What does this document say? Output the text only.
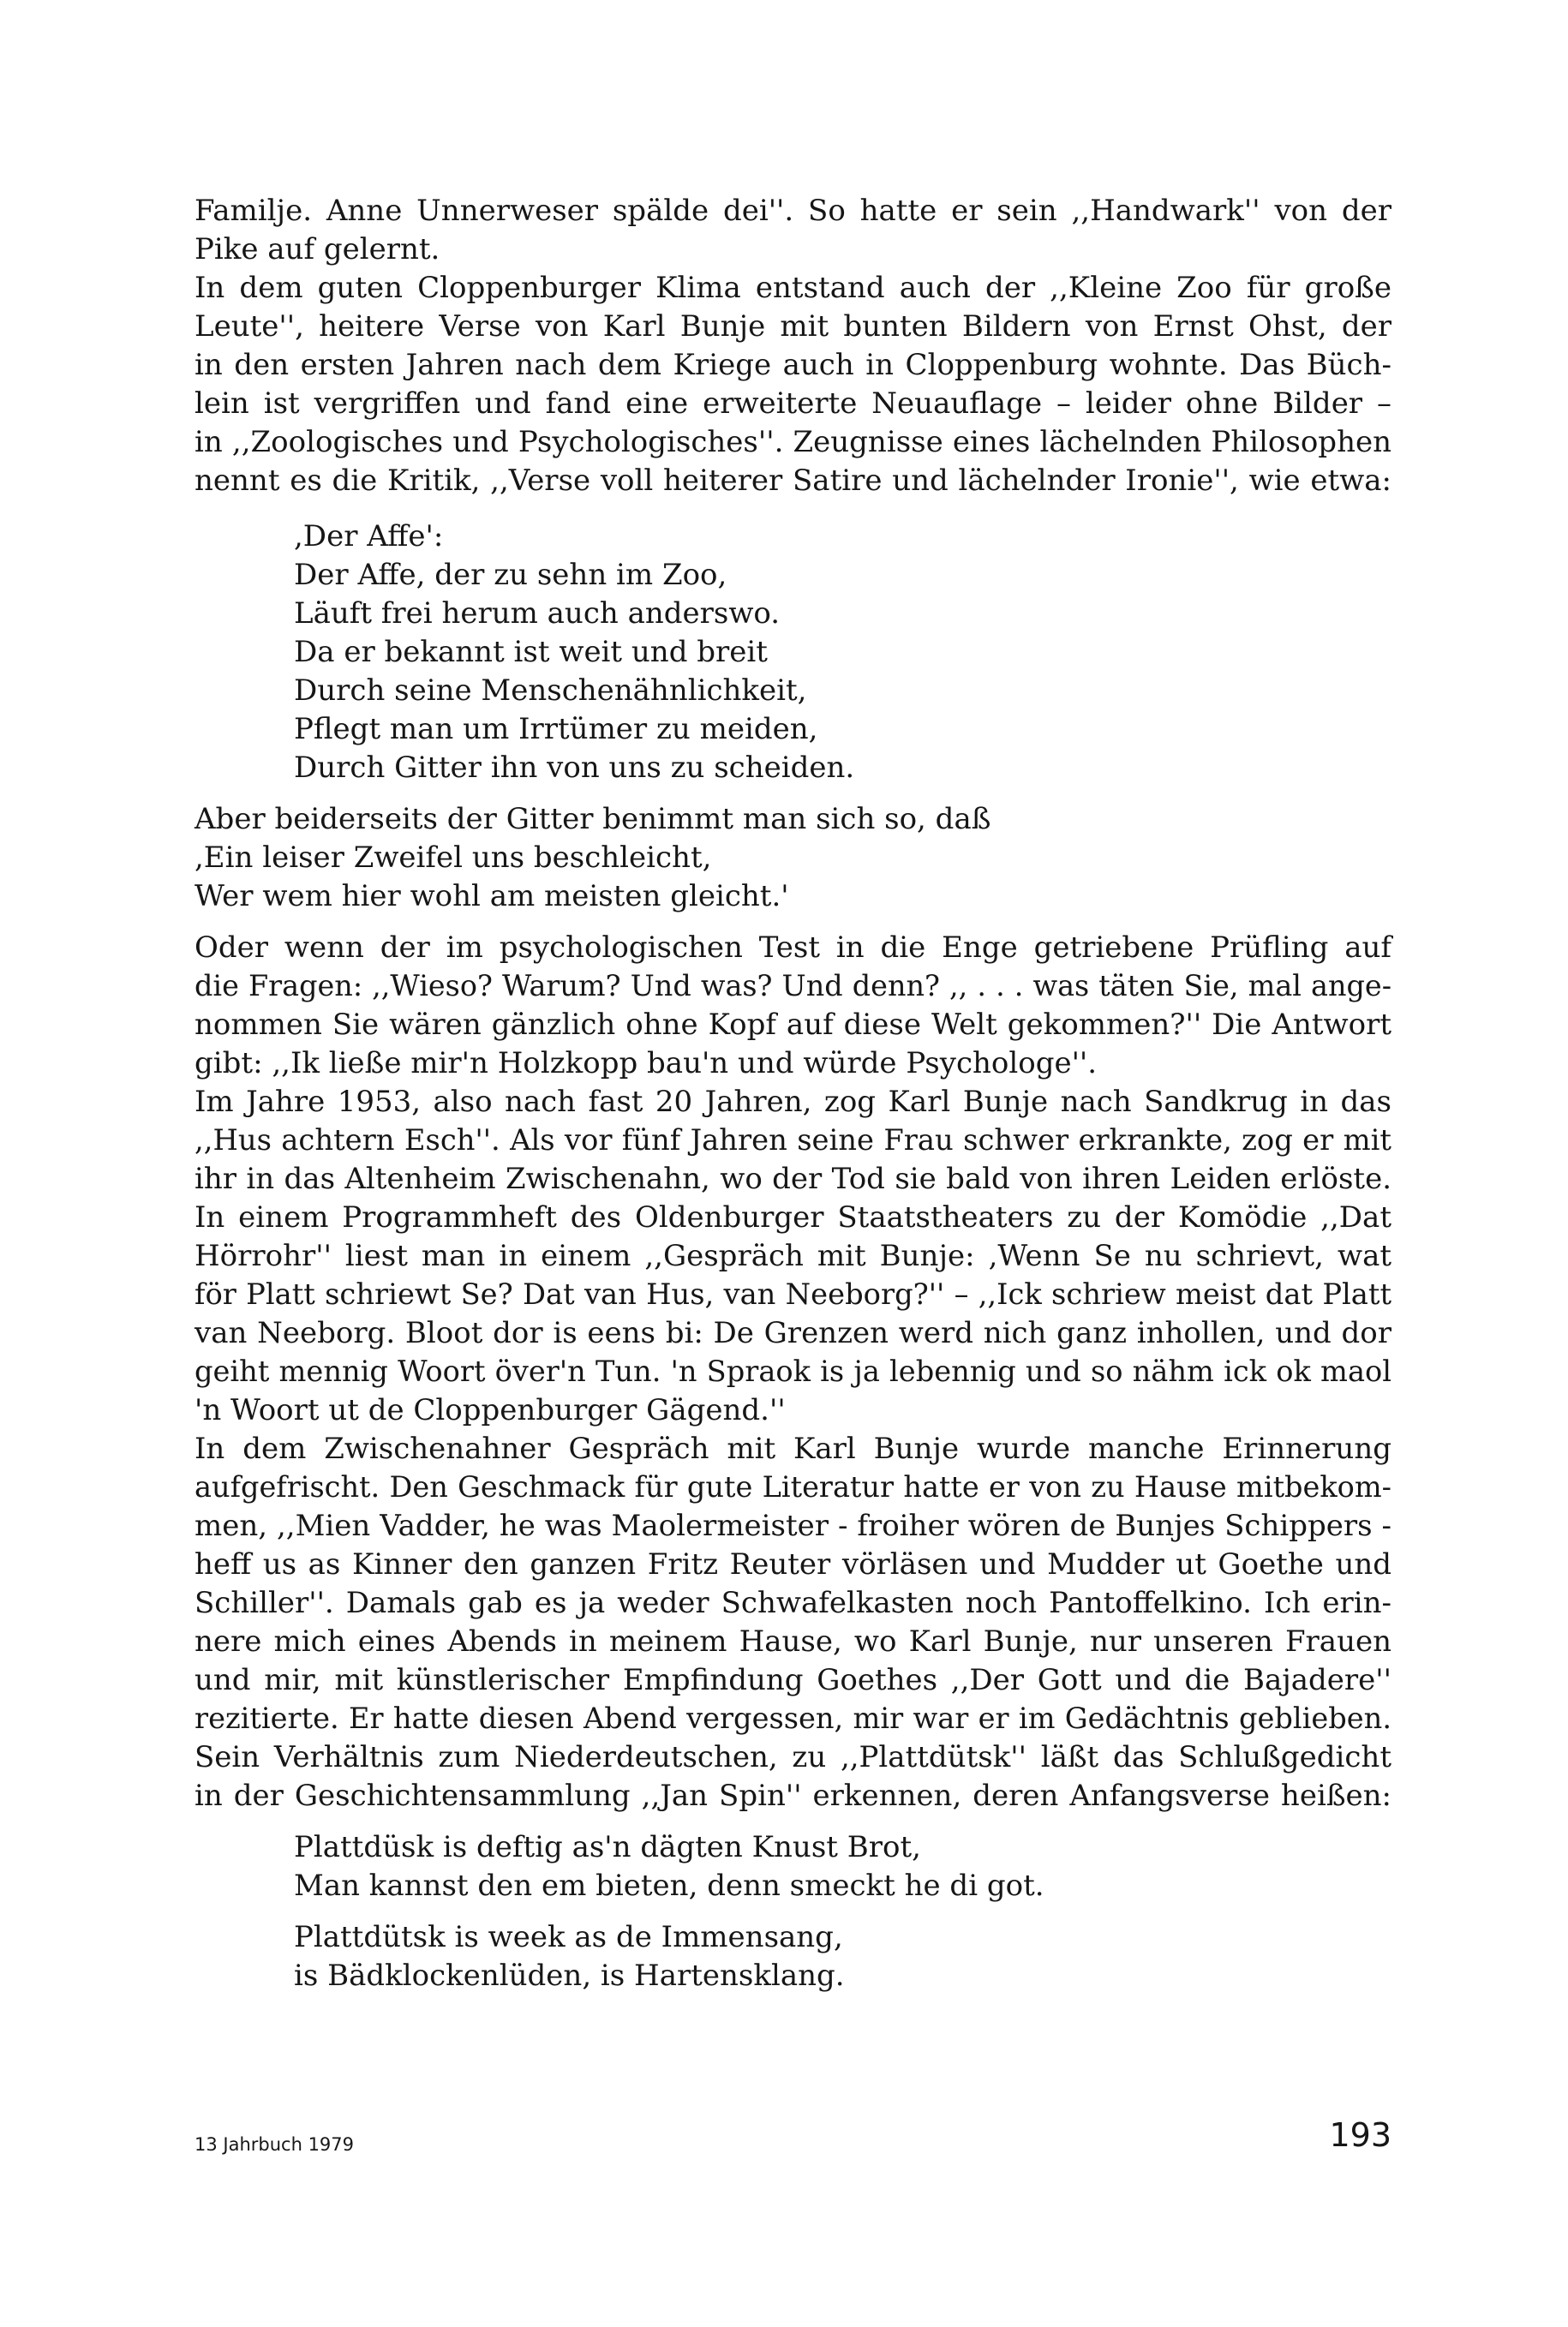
Familje. Anne Unnerweser spälde dei''. So hatte er sein ,,Handwark'' von der
Pike auf gelernt.
In dem guten Cloppenburger Klima entstand auch der ,,Kleine Zoo für große
Leute'', heitere Verse von Karl Bunje mit bunten Bildern von Ernst Ohst, der
in den ersten Jahren nach dem Kriege auch in Cloppenburg wohnte. Das Büch-
lein ist vergriffen und fand eine erweiterte Neuauflage – leider ohne Bilder –
in ,,Zoologisches und Psychologisches''. Zeugnisse eines lächelnden Philosophen
nennt es die Kritik, ,,Verse voll heiterer Satire und lächelnder Ironie'', wie etwa:
,Der Affe':
Der Affe, der zu sehn im Zoo,
Läuft frei herum auch anderswo.
Da er bekannt ist weit und breit
Durch seine Menschenähnlichkeit,
Pflegt man um Irrtümer zu meiden,
Durch Gitter ihn von uns zu scheiden.
Aber beiderseits der Gitter benimmt man sich so, daß
,Ein leiser Zweifel uns beschleicht,
Wer wem hier wohl am meisten gleicht.'
Oder wenn der im psychologischen Test in die Enge getriebene Prüfling auf
die Fragen: ,,Wieso? Warum? Und was? Und denn? ,, . . . was täten Sie, mal ange-
nommen Sie wären gänzlich ohne Kopf auf diese Welt gekommen?'' Die Antwort
gibt: ,,Ik ließe mir'n Holzkopp bau'n und würde Psychologe''.
Im Jahre 1953, also nach fast 20 Jahren, zog Karl Bunje nach Sandkrug in das
,,Hus achtern Esch''. Als vor fünf Jahren seine Frau schwer erkrankte, zog er mit
ihr in das Altenheim Zwischenahn, wo der Tod sie bald von ihren Leiden erlöste.
In einem Programmheft des Oldenburger Staatstheaters zu der Komödie ,,Dat
Hörrohr'' liest man in einem ,,Gespräch mit Bunje: ,Wenn Se nu schrievt, wat
för Platt schriewt Se? Dat van Hus, van Neeborg?'' – ,,Ick schriew meist dat Platt
van Neeborg. Bloot dor is eens bi: De Grenzen werd nich ganz inhollen, und dor
geiht mennig Woort över'n Tun. 'n Spraok is ja lebennig und so nähm ick ok maol
'n Woort ut de Cloppenburger Gägend.''
In dem Zwischenahner Gespräch mit Karl Bunje wurde manche Erinnerung
aufgefrischt. Den Geschmack für gute Literatur hatte er von zu Hause mitbekom-
men, ,,Mien Vadder, he was Maolermeister - froiher wören de Bunjes Schippers -
heff us as Kinner den ganzen Fritz Reuter vörläsen und Mudder ut Goethe und
Schiller''. Damals gab es ja weder Schwafelkasten noch Pantoffelkino. Ich erin-
nere mich eines Abends in meinem Hause, wo Karl Bunje, nur unseren Frauen
und mir, mit künstlerischer Empfindung Goethes ,,Der Gott und die Bajadere''
rezitierte. Er hatte diesen Abend vergessen, mir war er im Gedächtnis geblieben.
Sein Verhältnis zum Niederdeutschen, zu ,,Plattdütsk'' läßt das Schlußgedicht
in der Geschichtensammlung ,,Jan Spin'' erkennen, deren Anfangsverse heißen:
Plattdüsk is deftig as'n dägten Knust Brot,
Man kannst den em bieten, denn smeckt he di got.
Plattdütsk is week as de Immensang,
is Bädklockenlüden, is Hartensklang.
13 Jahrbuch 1979	193
